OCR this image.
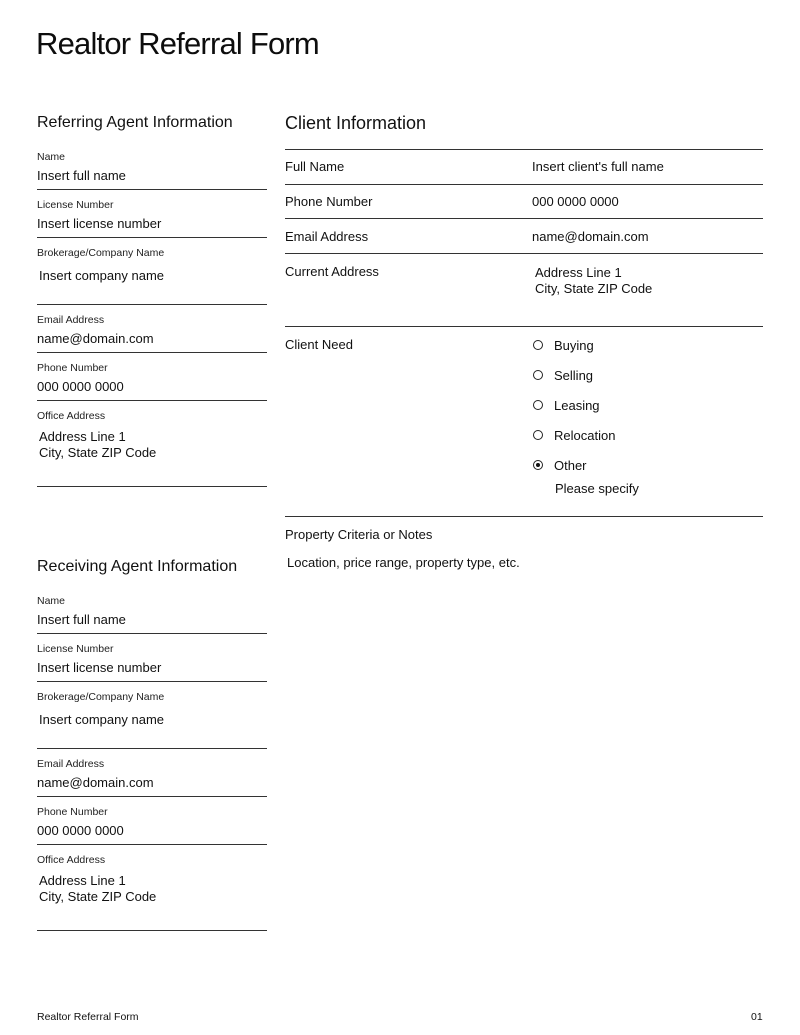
Realtor Referral Form
Referring Agent Information
Name
Insert full name
License Number
Insert license number
Brokerage/Company Name
Insert company name
Email Address
name@domain.com
Phone Number
000 0000 0000
Office Address
Address Line 1
City, State ZIP Code
Receiving Agent Information
Name
Insert full name
License Number
Insert license number
Brokerage/Company Name
Insert company name
Email Address
name@domain.com
Phone Number
000 0000 0000
Office Address
Address Line 1
City, State ZIP Code
Client Information
Full Name	Insert client's full name
Phone Number	000 0000 0000
Email Address	name@domain.com
Current Address	Address Line 1
City, State ZIP Code
Client Need	Buying
Selling
Leasing
Relocation
Other
Please specify
Property Criteria or Notes
Location, price range, property type, etc.
Realtor Referral Form	01
